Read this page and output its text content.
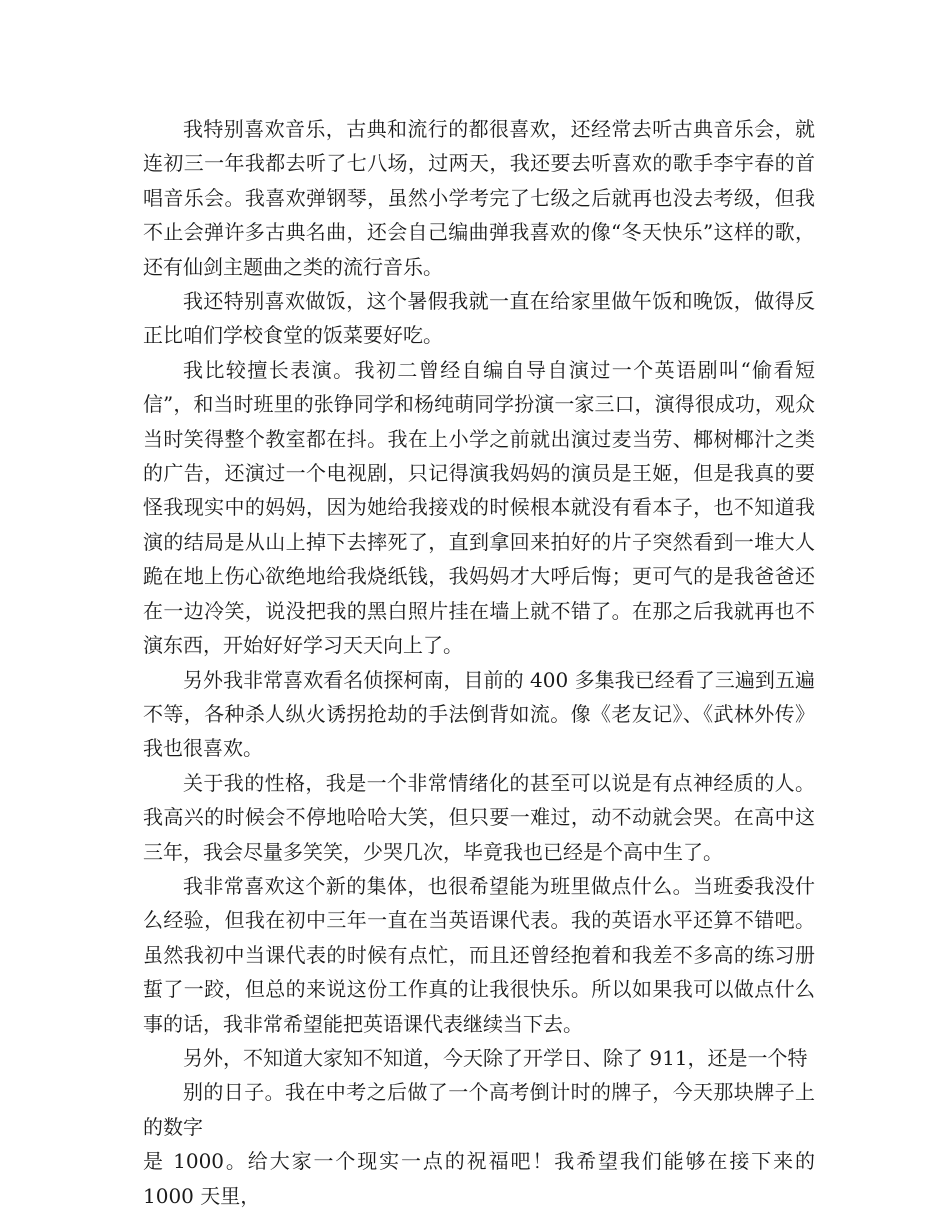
我特别喜欢音乐，古典和流行的都很喜欢，还经常去听古典音乐会，就连初三一年我都去听了七八场，过两天，我还要去听喜欢的歌手李宇春的首唱音乐会。我喜欢弹钢琴，虽然小学考完了七级之后就再也没去考级，但我不止会弹许多古典名曲，还会自己编曲弹我喜欢的像“冬天快乐”这样的歌，还有仙剑主题曲之类的流行音乐。

我还特别喜欢做饭，这个暑假我就一直在给家里做午饭和晚饭，做得反正比咱们学校食堂的饭菜要好吃。

我比较擅长表演。我初二曾经自编自导自演过一个英语剧叫“偷看短信”，和当时班里的张铮同学和杨纯萌同学扮演一家三口，演得很成功，观众当时笑得整个教室都在抖。我在上小学之前就出演过麦当劳、椰树椰汁之类的广告，还演过一个电视剧，只记得演我妈妈的演员是王姬，但是我真的要怪我现实中的妈妈，因为她给我接戏的时候根本就没有看本子，也不知道我演的结局是从山上掉下去摔死了，直到拿回来拍好的片子突然看到一堆大人跪在地上伤心欲绝地给我烧纸钱，我妈妈才大呼后悔；更可气的是我爸爸还在一边冷笑，说没把我的黑白照片挂在墙上就不错了。在那之后我就再也不演东西，开始好好学习天天向上了。

另外我非常喜欢看名侦探柯南，目前的 400 多集我已经看了三遍到五遍不等，各种杀人纵火诱拐抢劫的手法倒背如流。像《老友记》、《武林外传》我也很喜欢。

关于我的性格，我是一个非常情绪化的甚至可以说是有点神经质的人。我高兴的时候会不停地哈哈大笑，但只要一难过，动不动就会哭。在高中这三年，我会尽量多笑笑，少哭几次，毕竟我也已经是个高中生了。

我非常喜欢这个新的集体，也很希望能为班里做点什么。当班委我没什么经验，但我在初中三年一直在当英语课代表。我的英语水平还算不错吧。虽然我初中当课代表的时候有点忙，而且还曾经抱着和我差不多高的练习册蜇了一跤，但总的来说这份工作真的让我很快乐。所以如果我可以做点什么事的话，我非常希望能把英语课代表继续当下去。

另外，不知道大家知不知道，今天除了开学日、除了 911，还是一个特
别的日子。我在中考之后做了一个高考倒计时的牌子，今天那块牌子上的数字
是 1000。给大家一个现实一点的祝福吧！我希望我们能够在接下来的 1000 天里，
